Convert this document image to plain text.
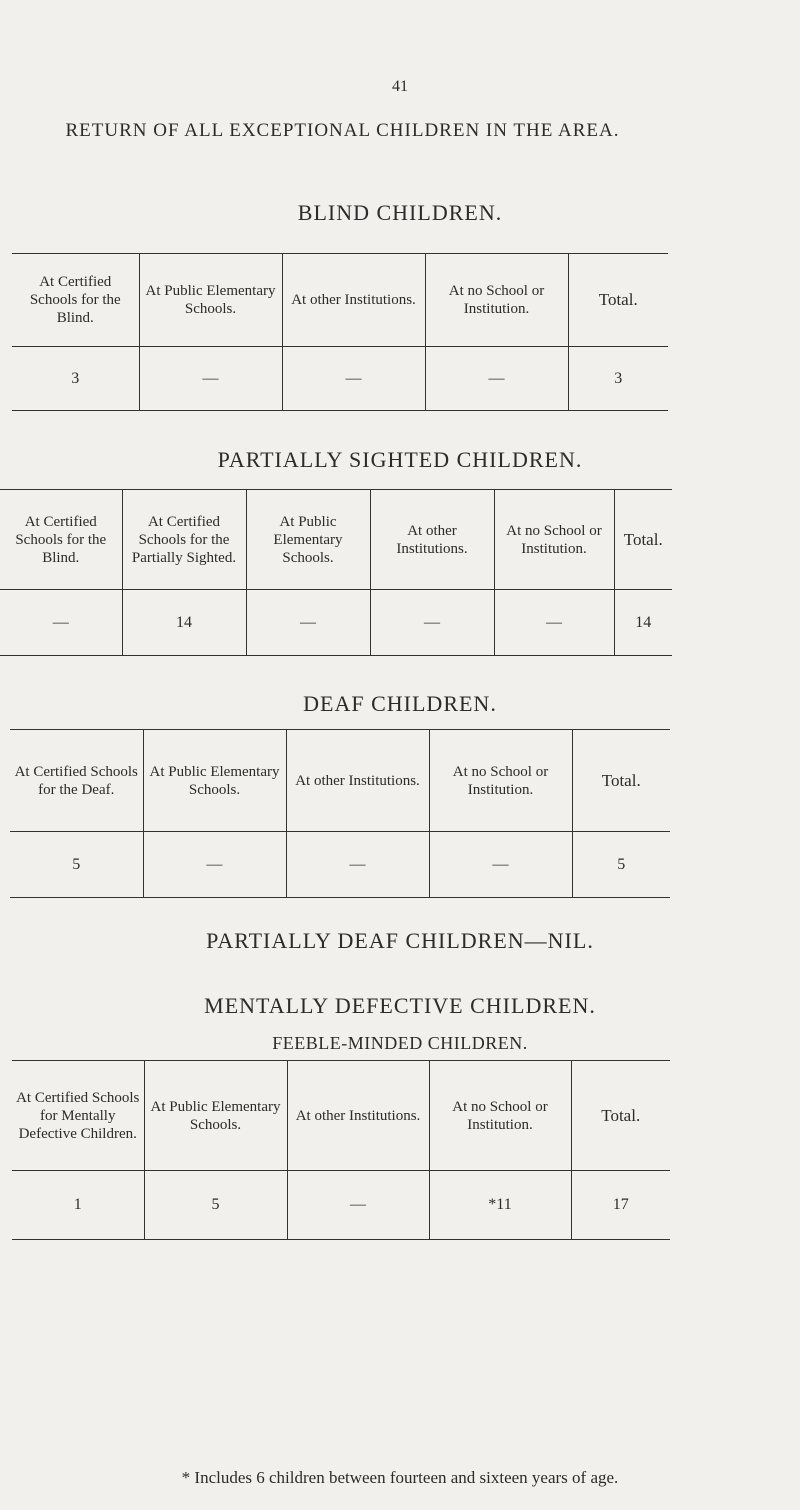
41
RETURN OF ALL EXCEPTIONAL CHILDREN IN THE AREA.
BLIND CHILDREN.
At Certified Schools for the Blind.	At Public Elementary Schools.	At other Institutions.	At no School or Institution.	Total.
3	—	—	—	3
PARTIALLY SIGHTED CHILDREN.
At Certified Schools for the Blind.	At Certified Schools for the Partially Sighted.	At Public Elementary Schools.	At other Institutions.	At no School or Institution.	Total.
—	14	—	—	—	14
DEAF CHILDREN.
At Certified Schools for the Deaf.	At Public Elementary Schools.	At other Institutions.	At no School or Institution.	Total.
5	—	—	—	5
PARTIALLY DEAF CHILDREN—NIL.
MENTALLY DEFECTIVE CHILDREN.
FEEBLE-MINDED CHILDREN.
At Certified Schools for Mentally Defective Children.	At Public Elementary Schools.	At other Institutions.	At no School or Institution.	Total.
1	5	—	*11	17
* Includes 6 children between fourteen and sixteen years of age.
